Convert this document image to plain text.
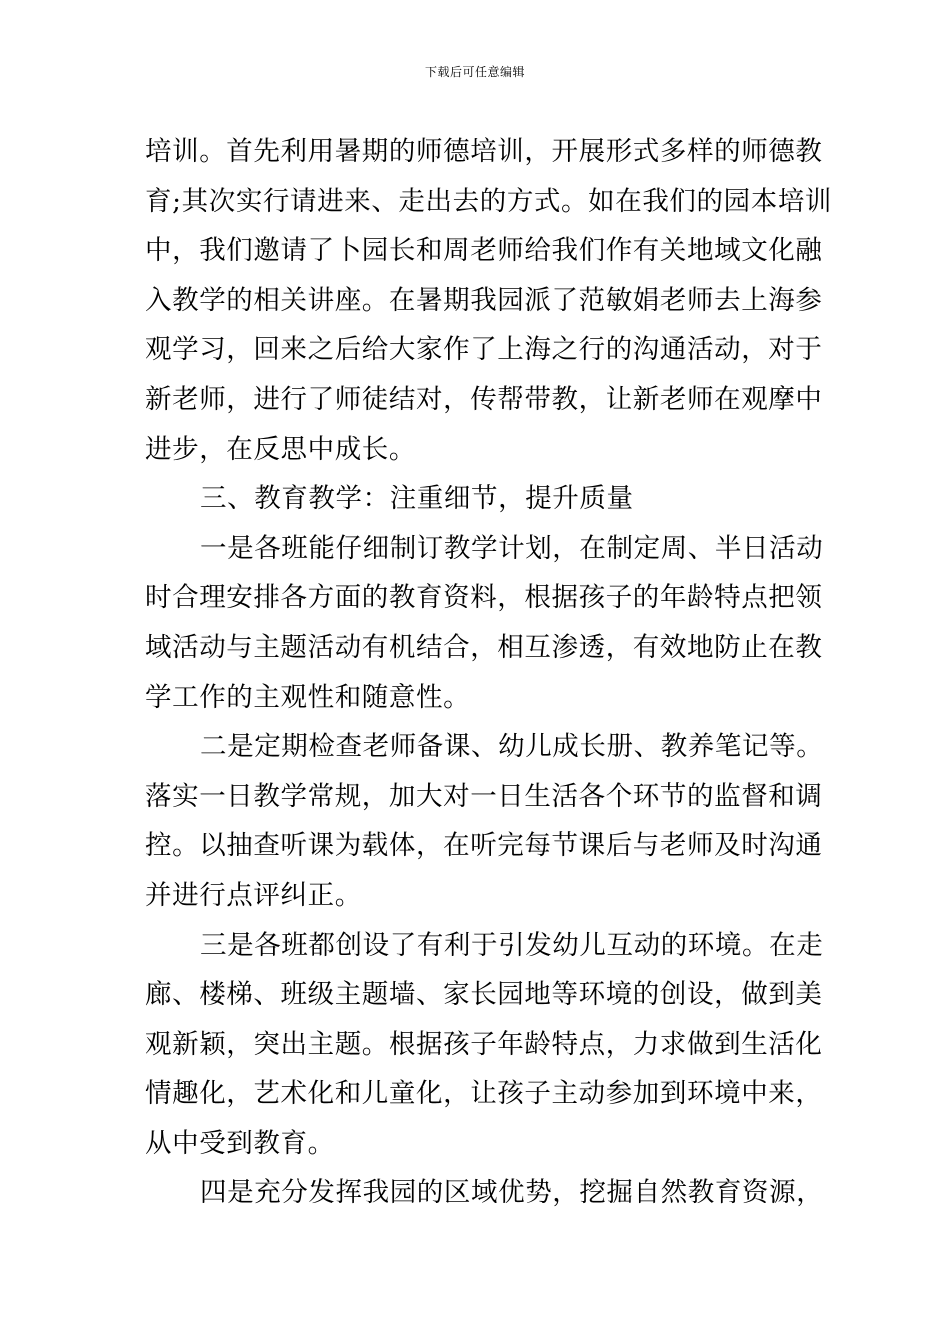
下载后可任意编辑
培训。首先利用暑期的师德培训，开展形式多样的师德教
育;其次实行请进来、走出去的方式。如在我们的园本培训
中，我们邀请了卜园长和周老师给我们作有关地域文化融
入教学的相关讲座。在暑期我园派了范敏娟老师去上海参
观学习，回来之后给大家作了上海之行的沟通活动，对于
新老师，进行了师徒结对，传帮带教，让新老师在观摩中
进步，在反思中成长。
三、教育教学：注重细节，提升质量
一是各班能仔细制订教学计划，在制定周、半日活动
时合理安排各方面的教育资料，根据孩子的年龄特点把领
域活动与主题活动有机结合，相互渗透，有效地防止在教
学工作的主观性和随意性。
二是定期检查老师备课、幼儿成长册、教养笔记等。
落实一日教学常规，加大对一日生活各个环节的监督和调
控。以抽查听课为载体，在听完每节课后与老师及时沟通
并进行点评纠正。
三是各班都创设了有利于引发幼儿互动的环境。在走
廊、楼梯、班级主题墙、家长园地等环境的创设，做到美
观新颖，突出主题。根据孩子年龄特点，力求做到生活化
情趣化，艺术化和儿童化，让孩子主动参加到环境中来，
从中受到教育。
四是充分发挥我园的区域优势，挖掘自然教育资源，
